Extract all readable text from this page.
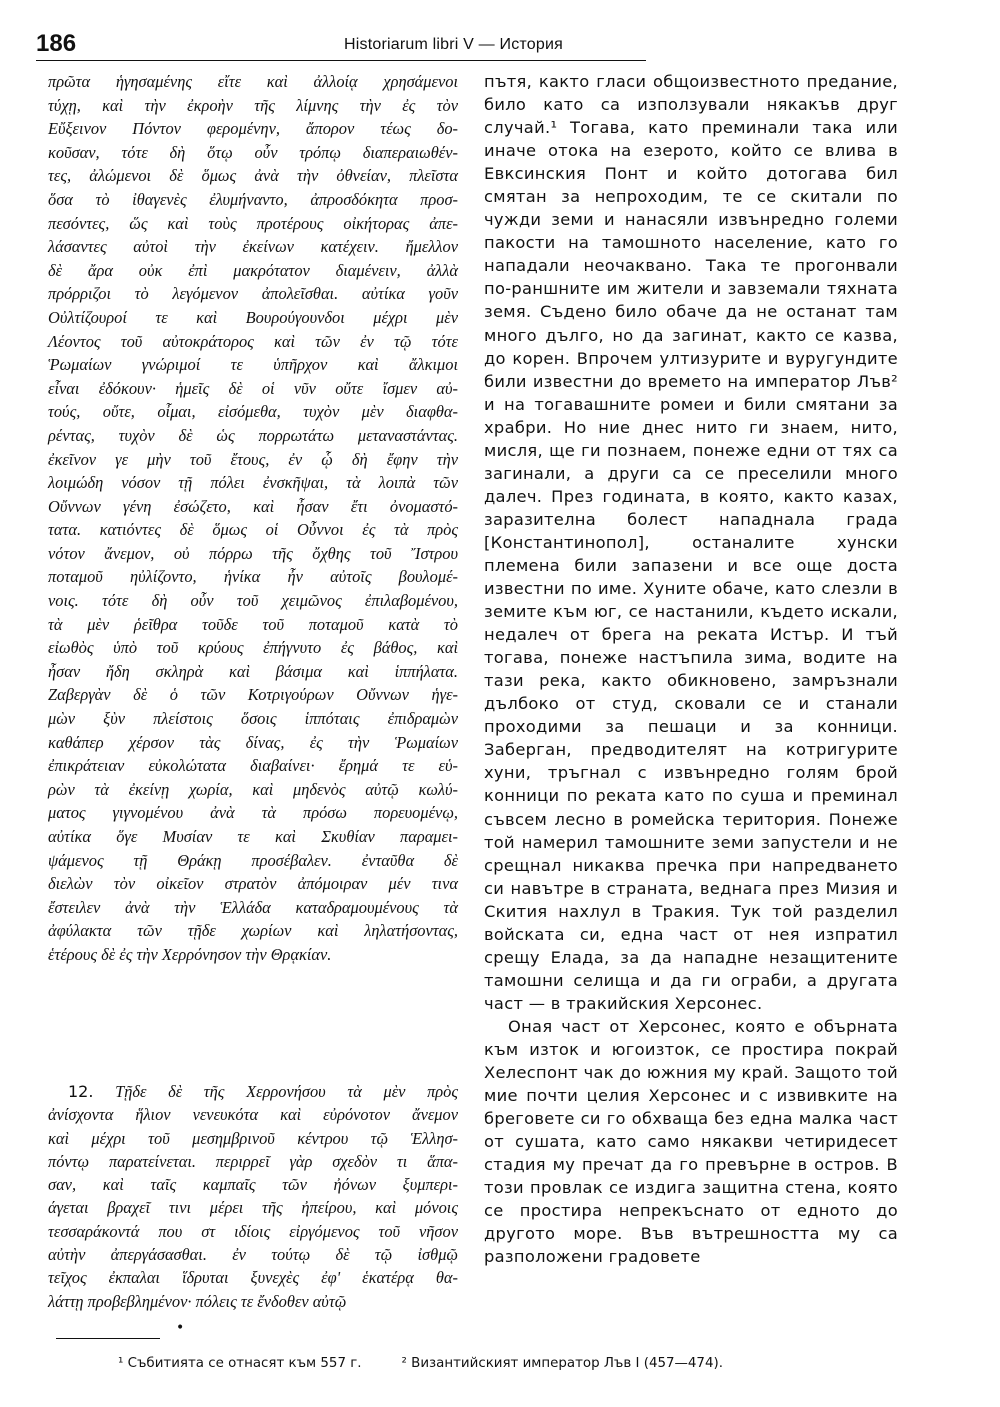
186	Historiarum libri V — История
πρῶτα ἡγησαμένης εἴτε καὶ ἀλλοίᾳ χρησάμενοι
τύχῃ, καὶ τὴν ἐκροὴν τῆς λίμνης τὴν ἐς τὸν
Εὔξεινον Πόντον φερομένην, ἄπορον τέως δο-
κοῦσαν, τότε δὴ ὅτῳ οὖν τρόπῳ διαπεραιωθέν-
τες, ἀλώμενοι δὲ ὅμως ἀνὰ τὴν ὀθνείαν, πλεῖστα
ὅσα τὸ ἰθαγενὲς ἐλυμήναντο, ἀπροσδόκητα προσ-
πεσόντες, ὥς καὶ τοὺς προτέρους οἰκήτορας ἀπε-
λάσαντες αὐτοὶ τὴν ἐκείνων κατέχειν. ἤμελλον
δὲ ἄρα οὐκ ἐπὶ μακρότατον διαμένειν, ἀλλὰ
πρόρριζοι τὸ λεγόμενον ἀπολεῖσθαι. αὐτίκα γοῦν
Οὐλτίζουροί τε καὶ Βουρούγουνδοι μέχρι μὲν
Λέοντος τοῦ αὐτοκράτορος καὶ τῶν ἐν τῷ τότε
Ῥωμαίων γνώριμοί τε ὑπῆρχον καὶ ἄλκιμοι
εἶναι ἐδόκουν· ἡμεῖς δὲ οἱ νῦν οὔτε ἴσμεν αὐ-
τούς, οὔτε, οἶμαι, εἰσόμεθα, τυχὸν μὲν διαφθα-
ρέντας, τυχὸν δὲ ὡς πορρωτάτω μεταναστάντας.
ἐκεῖνον γε μὴν τοῦ ἔτους, ἐν ᾧ δὴ ἔφην τὴν
λοιμώδη νόσον τῇ πόλει ἐνσκῆψαι, τὰ λοιπὰ τῶν
Οὔννων γένη ἐσώζετο, καὶ ἦσαν ἔτι ὀνομαστό-
τατα. κατιόντες δὲ ὅμως οἱ Οὖννοι ἐς τὰ πρὸς
νότον ἄνεμον, οὐ πόρρω τῆς ὄχθης τοῦ Ἴστρου
ποταμοῦ ηὐλίζοντο, ἡνίκα ἦν αὐτοῖς βουλομέ-
νοις. τότε δὴ οὖν τοῦ χειμῶνος ἐπιλαβομένου,
τὰ μὲν ῥεῖθρα τοῦδε τοῦ ποταμοῦ κατὰ τὸ
εἰωθὸς ὑπὸ τοῦ κρύους ἐπήγνυτο ἐς βάθος, καὶ
ἦσαν ἤδη σκληρὰ καὶ βάσιμα καὶ ἱππήλατα.
Ζαβεργὰν δὲ ὁ τῶν Κοτριγούρων Οὔννων ἡγε-
μὼν ξὺν πλείστοις ὅσοις ἱππόταις ἐπιδραμὼν
καθάπερ χέρσον τὰς δίνας, ἐς τὴν Ῥωμαίων
ἐπικράτειαν εὐκολώτατα διαβαίνει· ἔρημά τε εὑ-
ρὼν τὰ ἐκείνῃ χωρία, καὶ μηδενὸς αὐτῷ κωλύ-
ματος γιγνομένου ἀνὰ τὰ πρόσω πορευομένῳ,
αὐτίκα ὅγε Μυσίαν τε καὶ Σκυθίαν παραμει-
ψάμενος τῇ Θράκῃ προσέβαλεν. ἐνταῦθα δὲ
διελὼν τὸν οἰκεῖον στρατὸν ἀπόμοιραν μέν τινα
ἔστειλεν ἀνὰ τὴν Ἑλλάδα καταδραμουμένους τὰ
ἀφύλακτα τῶν τῇδε χωρίων καὶ ληλατήσοντας,
ἑτέρους δὲ ἐς τὴν Χερρόνησον τὴν Θρᾳκίαν.
12. Τῇδε δὲ τῆς Χερρονήσου τὰ μὲν πρὸς
ἀνίσχοντα ἥλιον νενευκότα καὶ εὐρόνοτον ἄνεμον
καὶ μέχρι τοῦ μεσημβρινοῦ κέντρου τῷ Ἑλλησ-
πόντῳ παρατείνεται. περιρρεῖ γὰρ σχεδὸν τι ἅπα-
σαν, καὶ ταῖς καμπαῖς τῶν ἠόνων ξυμπερι-
άγεται βραχεῖ τινι μέρει τῆς ἠπείρου, καὶ μόνοις
τεσσαράκοντά που στ ιδίοις εἰργόμενος τοῦ νῆσον
αὐτὴν ἀπεργάσασθαι. ἐν τούτῳ δὲ τῷ ἰσθμῷ
τεῖχος ἐκπαλαι ἵδρυται ξυνεχὲς ἐφ' ἑκατέρᾳ θα-
λάττῃ προβεβλημένον· πόλεις τε ἔνδοθεν αὐτῷ

пътя, както гласи общоизвестното предание, било като са използували някакъв друг случай.¹ Тогава, като преминали така или иначе отока на езерото, който се влива в Евксинския Понт и който дотогава бил смятан за непроходим, те се скитали по чужди земи и нанасяли извънредно големи пакости на тамошното население, като го нападали неочаквано. Така те прогонвали по-раншните им жители и завземали тяхната земя. Съдено било обаче да не останат там много дълго, но да загинат, както се казва, до корен. Впрочем ултизурите и вуругундите били известни до времето на император Лъв² и на тогавашните ромеи и били смятани за храбри. Но ние днес нито ги знаем, нито, мисля, ще ги познаем, понеже едни от тях са загинали, а други са се преселили много далеч. През годината, в която, както казах, заразителна болест нападнала града [Константинопол], останалите хунски племена били запазени и все още доста известни по име. Хуните обаче, като слезли в земите към юг, се настанили, където искали, недалеч от брега на реката Истър. И тъй тогава, понеже настъпила зима, водите на тази река, както обикновено, замръзнали дълбоко от студ, сковали се и станали проходими за пешаци и за конници. Заберган, предводителят на котригурите хуни, тръгнал с извънредно голям брой конници по реката като по суша и преминал съвсем лесно в ромейска територия. Понеже той намерил тамошните земи запустели и не срещнал никаква пречка при напредването си навътре в страната, веднага през Мизия и Скития нахлул в Тракия. Тук той разделил войската си, една част от нея изпратил срещу Елада, за да нападне незащитените тамошни селища и да ги ограби, а другата част — в тракийския Херсонес.

Оная част от Херсонес, която е обърната към изток и югоизток, се простира покрай Хелеспонт чак до южния му край. Защото той мие почти целия Херсонес и с извивките на бреговете си го обхваща без една малка част от сушата, като само някакви четиридесет стадия му пречат да го превърне в остров. В този провлак се издига защитна стена, която се простира непрекъснато от едното до другото море. Във вътрешността му са разположени градовете

•
¹ Събитията се отнасят към 557 г.	² Византийският император Лъв I (457—474).
